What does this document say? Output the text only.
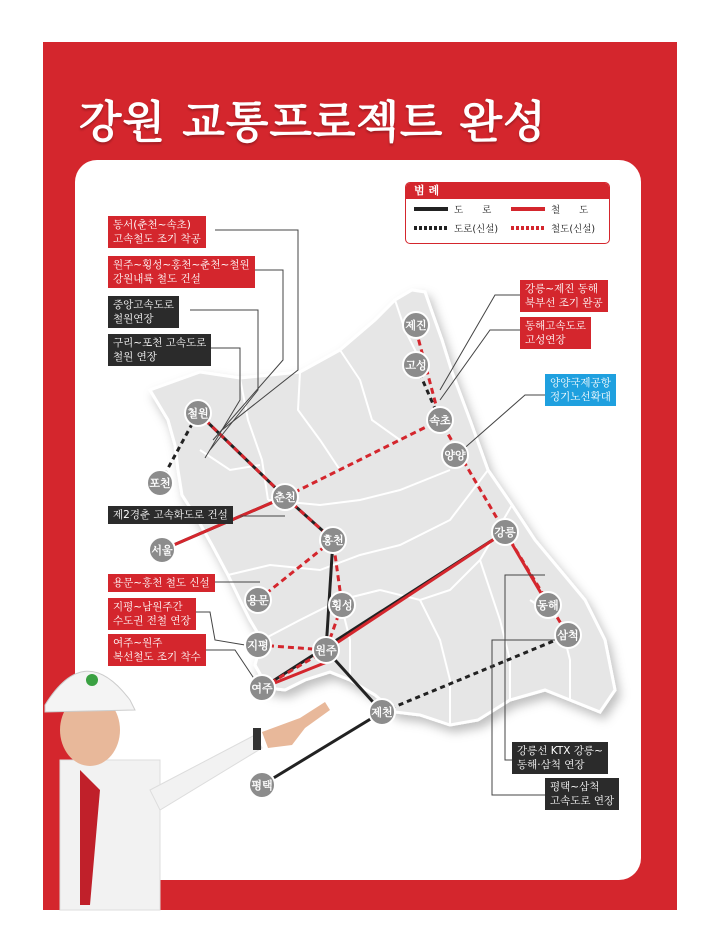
강원 교통프로젝트 완성
철원
포천
춘천
서울
홍천
횡성
용문
지평	원주
여주
제천
평택
제진
고성
속초
양양
강릉
동해
삼척
범 례
도　　로	철　　도
도로(신설)	철도(신설)
동서(춘천~속초)
고속철도 조기 착공
원주~횡성~홍천~춘천~철원
강원내륙 철도 건설
중앙고속도로
철원연장
구리~포천 고속도로
철원 연장
제2경춘 고속화도로 건설
용문~홍천 철도 신설
지평~남원주간
수도권 전철 연장
여주~원주
복선철도 조기 착수
강릉~제진 동해
북부선 조기 완공
동해고속도로
고성연장
양양국제공항
정기노선확대
강릉선 KTX 강릉~
동해·삼척 연장
평택~삼척
고속도로 연장
